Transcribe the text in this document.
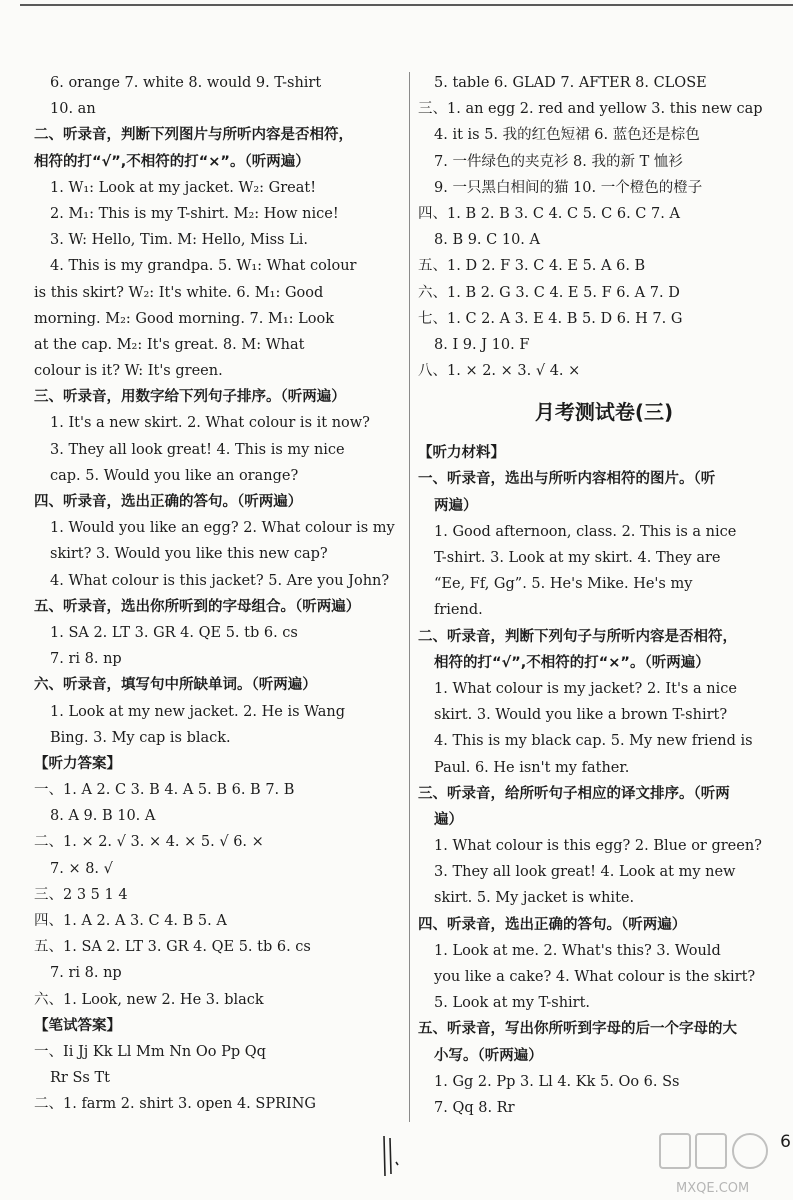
6. orange 7. white 8. would 9. T-shirt
10. an
二、听录音，判断下列图片与所听内容是否相符，
相符的打“√”,不相符的打“×”。（听两遍）
1. W₁: Look at my jacket. W₂: Great!
2. M₁: This is my T-shirt. M₂: How nice!
3. W: Hello, Tim. M: Hello, Miss Li.
4. This is my grandpa. 5. W₁: What colour
is this skirt? W₂: It's white. 6. M₁: Good
morning. M₂: Good morning. 7. M₁: Look
at the cap. M₂: It's great. 8. M: What
colour is it? W: It's green.
三、听录音，用数字给下列句子排序。（听两遍）
1. It's a new skirt. 2. What colour is it now?
3. They all look great! 4. This is my nice
cap. 5. Would you like an orange?
四、听录音，选出正确的答句。（听两遍）
1. Would you like an egg? 2. What colour is my
skirt? 3. Would you like this new cap?
4. What colour is this jacket? 5. Are you John?
五、听录音，选出你所听到的字母组合。（听两遍）
1. SA 2. LT 3. GR 4. QE 5. tb 6. cs
7. ri 8. np
六、听录音，填写句中所缺单词。（听两遍）
1. Look at my new jacket. 2. He is Wang
Bing. 3. My cap is black.
【听力答案】
一、1. A 2. C 3. B 4. A 5. B 6. B 7. B
8. A 9. B 10. A
二、1. × 2. √ 3. × 4. × 5. √ 6. ×
7. × 8. √
三、2 3 5 1 4
四、1. A 2. A 3. C 4. B 5. A
五、1. SA 2. LT 3. GR 4. QE 5. tb 6. cs
7. ri 8. np
六、1. Look, new 2. He 3. black
【笔试答案】
一、Ii Jj Kk Ll Mm Nn Oo Pp Qq
Rr Ss Tt
二、1. farm 2. shirt 3. open 4. SPRING
5. table 6. GLAD 7. AFTER 8. CLOSE
三、1. an egg 2. red and yellow 3. this new cap
4. it is 5. 我的红色短裙 6. 蓝色还是棕色
7. 一件绿色的夹克衫 8. 我的新 T 恤衫
9. 一只黑白相间的猫 10. 一个橙色的橙子
四、1. B 2. B 3. C 4. C 5. C 6. C 7. A
8. B 9. C 10. A
五、1. D 2. F 3. C 4. E 5. A 6. B
六、1. B 2. G 3. C 4. E 5. F 6. A 7. D
七、1. C 2. A 3. E 4. B 5. D 6. H 7. G
8. I 9. J 10. F
八、1. × 2. × 3. √ 4. ×
月考测试卷(三)
【听力材料】
一、听录音，选出与所听内容相符的图片。（听
两遍）
1. Good afternoon, class. 2. This is a nice
T-shirt. 3. Look at my skirt. 4. They are
“Ee, Ff, Gg”. 5. He's Mike. He's my
friend.
二、听录音，判断下列句子与所听内容是否相符，
相符的打“√”,不相符的打“×”。（听两遍）
1. What colour is my jacket? 2. It's a nice
skirt. 3. Would you like a brown T-shirt?
4. This is my black cap. 5. My new friend is
Paul. 6. He isn't my father.
三、听录音，给所听句子相应的译文排序。（听两
遍）
1. What colour is this egg? 2. Blue or green?
3. They all look great! 4. Look at my new
skirt. 5. My jacket is white.
四、听录音，选出正确的答句。（听两遍）
1. Look at me. 2. What's this? 3. Would
you like a cake? 4. What colour is the skirt?
5. Look at my T-shirt.
五、听录音，写出你所听到字母的后一个字母的大
小写。（听两遍）
1. Gg 2. Pp 3. Ll 4. Kk 5. Oo 6. Ss
7. Qq 8. Rr
6
MXQE.COM
